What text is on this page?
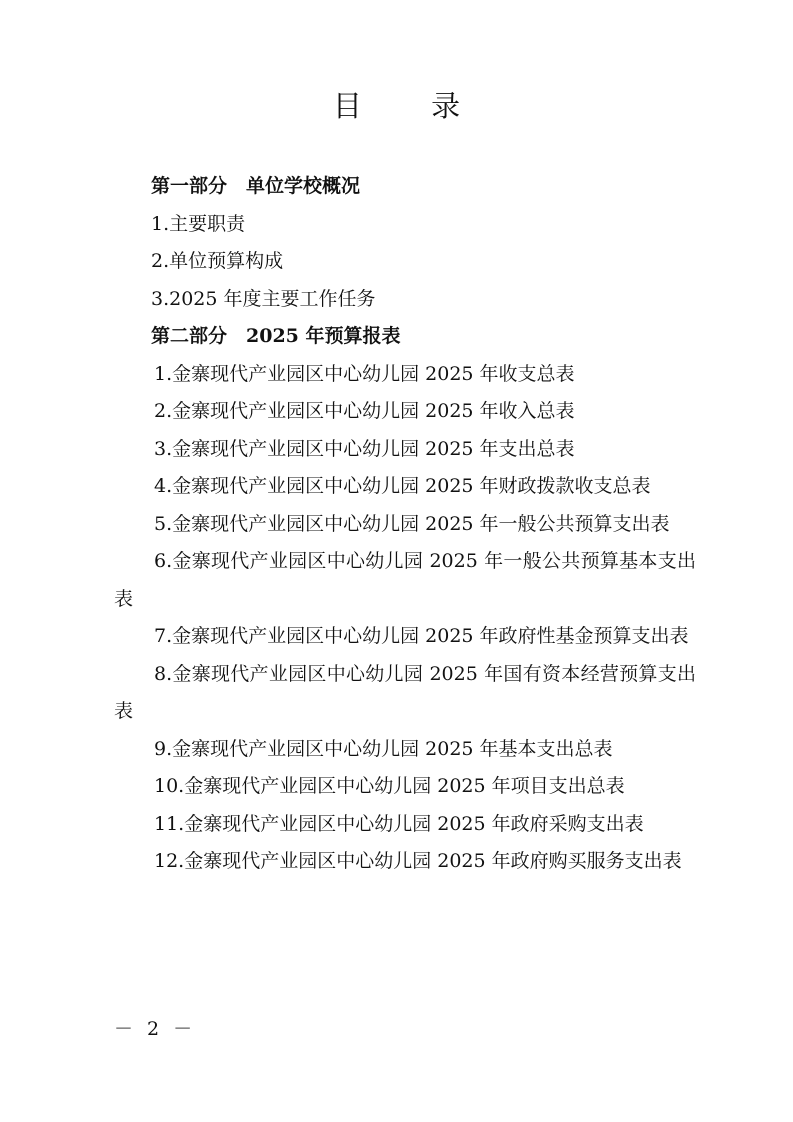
目 录
第一部分　单位学校概况
1.主要职责
2.单位预算构成
3.2025 年度主要工作任务
第二部分　2025 年预算报表
1.金寨现代产业园区中心幼儿园 2025 年收支总表
2.金寨现代产业园区中心幼儿园 2025 年收入总表
3.金寨现代产业园区中心幼儿园 2025 年支出总表
4.金寨现代产业园区中心幼儿园 2025 年财政拨款收支总表
5.金寨现代产业园区中心幼儿园 2025 年一般公共预算支出表
6.金寨现代产业园区中心幼儿园 2025 年一般公共预算基本支出表
7.金寨现代产业园区中心幼儿园 2025 年政府性基金预算支出表
8.金寨现代产业园区中心幼儿园 2025 年国有资本经营预算支出表
9.金寨现代产业园区中心幼儿园 2025 年基本支出总表
10.金寨现代产业园区中心幼儿园 2025 年项目支出总表
11.金寨现代产业园区中心幼儿园 2025 年政府采购支出表
12.金寨现代产业园区中心幼儿园 2025 年政府购买服务支出表
－ 2 －
